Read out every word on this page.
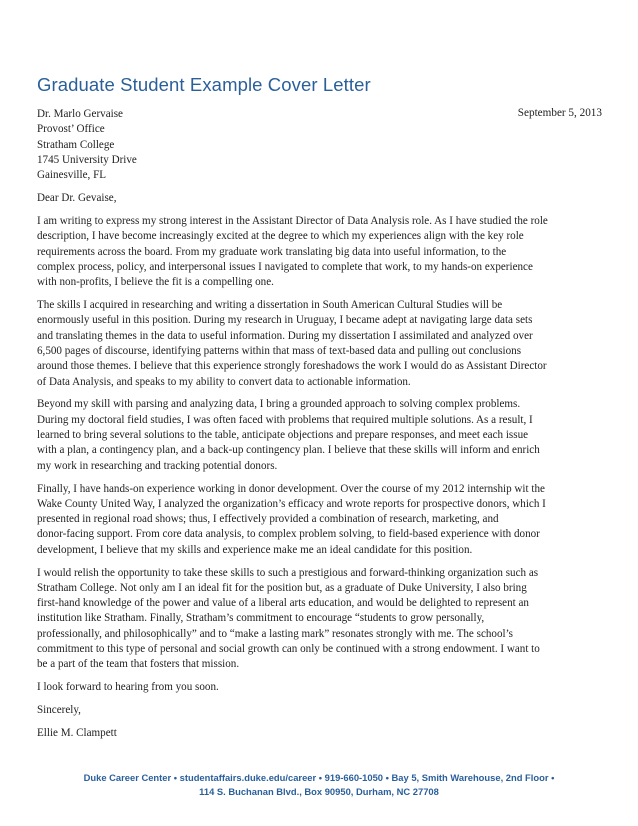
Graduate Student Example Cover Letter
September 5, 2013
Dr. Marlo Gervaise
Provost’ Office
Stratham College
1745 University Drive
Gainesville, FL
Dear Dr. Gevaise,
I am writing to express my strong interest in the Assistant Director of Data Analysis role. As I have studied the role
description, I have become increasingly excited at the degree to which my experiences align with the key role
requirements across the board. From my graduate work translating big data into useful information, to the
complex process, policy, and interpersonal issues I navigated to complete that work, to my hands-on experience
with non-profits, I believe the fit is a compelling one.
The skills I acquired in researching and writing a dissertation in South American Cultural Studies will be
enormously useful in this position. During my research in Uruguay, I became adept at navigating large data sets
and translating themes in the data to useful information. During my dissertation I assimilated and analyzed over
6,500 pages of discourse, identifying patterns within that mass of text-based data and pulling out conclusions
around those themes. I believe that this experience strongly foreshadows the work I would do as Assistant Director
of Data Analysis, and speaks to my ability to convert data to actionable information.
Beyond my skill with parsing and analyzing data, I bring a grounded approach to solving complex problems.
During my doctoral field studies, I was often faced with problems that required multiple solutions. As a result, I
learned to bring several solutions to the table, anticipate objections and prepare responses, and meet each issue
with a plan, a contingency plan, and a back-up contingency plan. I believe that these skills will inform and enrich
my work in researching and tracking potential donors.
Finally, I have hands-on experience working in donor development. Over the course of my 2012 internship wit the
Wake County United Way, I analyzed the organization’s efficacy and wrote reports for prospective donors, which I
presented in regional road shows; thus, I effectively provided a combination of research, marketing, and
donor-facing support. From core data analysis, to complex problem solving, to field-based experience with donor
development, I believe that my skills and experience make me an ideal candidate for this position.
I would relish the opportunity to take these skills to such a prestigious and forward-thinking organization such as
Stratham College. Not only am I an ideal fit for the position but, as a graduate of Duke University, I also bring
first-hand knowledge of the power and value of a liberal arts education, and would be delighted to represent an
institution like Stratham. Finally, Stratham’s commitment to encourage “students to grow personally,
professionally, and philosophically” and to “make a lasting mark” resonates strongly with me. The school’s
commitment to this type of personal and social growth can only be continued with a strong endowment. I want to
be a part of the team that fosters that mission.
I look forward to hearing from you soon.
Sincerely,
Ellie M. Clampett
Duke Career Center • studentaffairs.duke.edu/career • 919-660-1050 • Bay 5, Smith Warehouse, 2nd Floor •
114 S. Buchanan Blvd., Box 90950, Durham, NC 27708
